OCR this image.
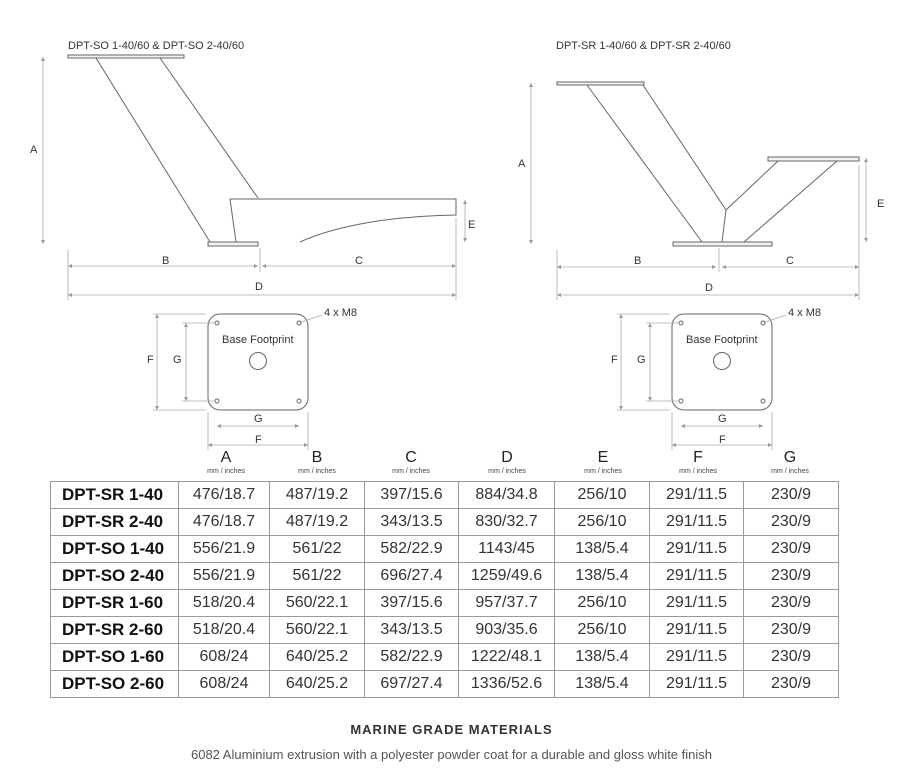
DPT-SO 1-40/60 & DPT-SO 2-40/60
A
E
B	C
D
DPT-SR 1-40/60 & DPT-SR 2-40/60
A
E
B	C
D
Base Footprint
4 x M8
F G
G
F
Base Footprint
4 x M8
F G
G
F
A
mm / inches
B
mm / inches
C
mm / inches
D
mm / inches
E
mm / inches
F
mm / inches
G
mm / inches
DPT-SR 1-40	476/18.7	487/19.2	397/15.6	884/34.8	256/10	291/11.5	230/9
DPT-SR 2-40	476/18.7	487/19.2	343/13.5	830/32.7	256/10	291/11.5	230/9
DPT-SO 1-40	556/21.9	561/22	582/22.9	1143/45	138/5.4	291/11.5	230/9
DPT-SO 2-40	556/21.9	561/22	696/27.4	1259/49.6	138/5.4	291/11.5	230/9
DPT-SR 1-60	518/20.4	560/22.1	397/15.6	957/37.7	256/10	291/11.5	230/9
DPT-SR 2-60	518/20.4	560/22.1	343/13.5	903/35.6	256/10	291/11.5	230/9
DPT-SO 1-60	608/24	640/25.2	582/22.9	1222/48.1	138/5.4	291/11.5	230/9
DPT-SO 2-60	608/24	640/25.2	697/27.4	1336/52.6	138/5.4	291/11.5	230/9
MARINE GRADE MATERIALS
6082 Aluminium extrusion with a polyester powder coat for a durable and gloss white finish
